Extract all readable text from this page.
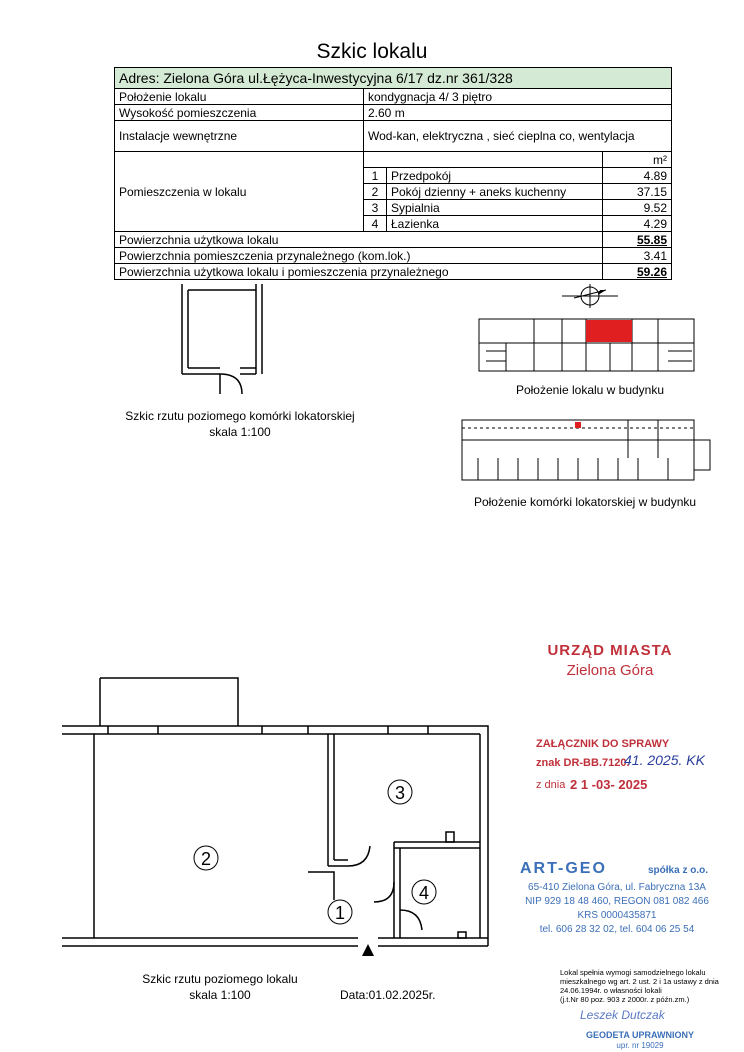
Szkic lokalu
Adres: Zielona Góra ul.Łężyca-Inwestycyjna 6/17 dz.nr 361/328			
Położenie lokalu	kondygnacja 4/ 3 piętro		
Wysokość pomieszczenia	2.60 m		
Instalacje wewnętrzne	Wod-kan, elektryczna , sieć cieplna co, wentylacja		
Pomieszczenia w lokalu			m²
	1	Przedpokój	4.89
	2	Pokój dzienny + aneks kuchenny	37.15
	3	Sypialnia	9.52
	4	Łazienka	4.29
Powierzchnia użytkowa lokalu			55.85
Powierzchnia pomieszczenia przynależnego (kom.lok.)			3.41
Powierzchnia użytkowa lokalu i pomieszczenia przynależnego			59.26
Szkic rzutu poziomego komórki lokatorskiej
skala 1:100
Położenie lokalu w budynku
Położenie komórki lokatorskiej w budynku
2
3
4
1
Szkic rzutu poziomego lokalu
skala 1:100	Data:01.02.2025r.
URZĄD MIASTA
Zielona Góra
ZAŁĄCZNIK DO SPRAWY
znak DR-BB.7120.
41. 2025. KK
z dnia 2 1 -03- 2025
ART-GEO	spółka z o.o.
65-410 Zielona Góra, ul. Fabryczna 13A
NIP 929 18 48 460, REGON 081 082 466
KRS 0000435871
tel. 606 28 32 02, tel. 604 06 25 54
Lokal spełnia wymogi samodzielnego lokalu
mieszkalnego wg art. 2 ust. 2 i 1a ustawy z dnia
24.06.1994r. o własności lokali
(j.t.Nr 80 poz. 903 z 2000r. z późn.zm.)
Leszek Dutczak
GEODETA UPRAWNIONY
upr. nr 19029
